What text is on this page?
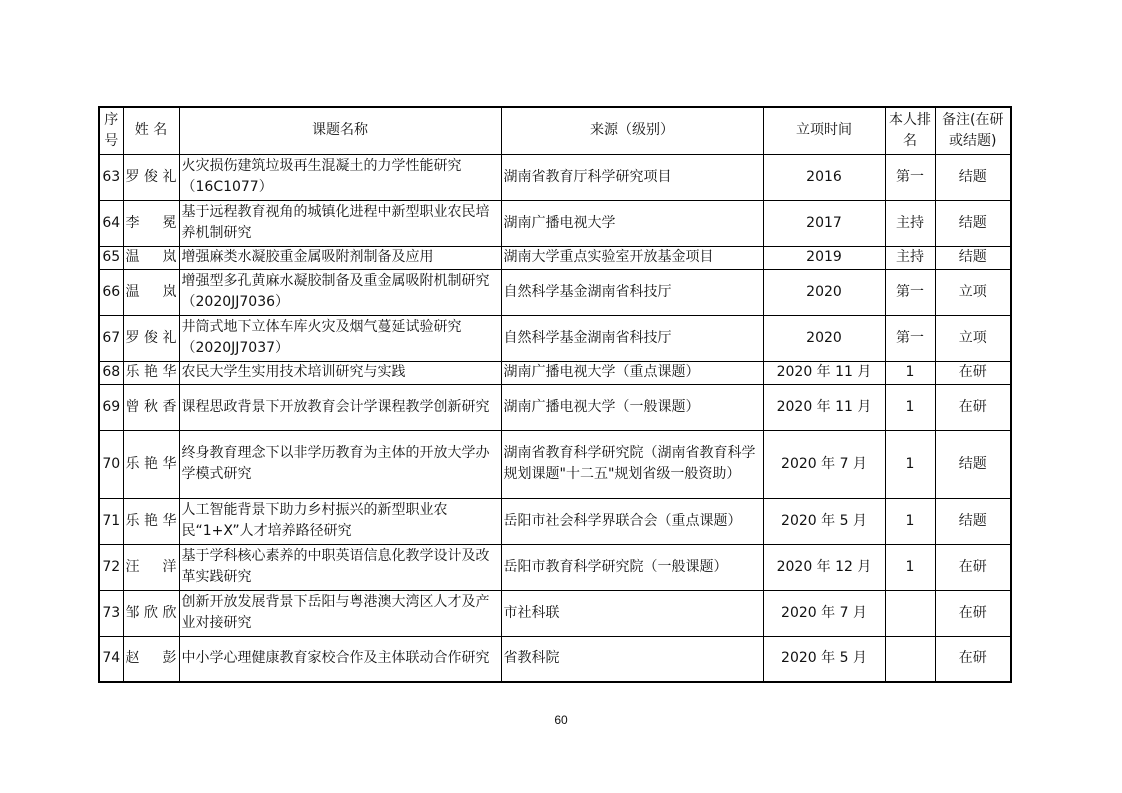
序号	姓 名	课题名称	来源（级别）	立项时间	本人排名	备注(在研或结题)
63	罗俊礼	火灾损伤建筑垃圾再生混凝土的力学性能研究（16C1077）	湖南省教育厅科学研究项目	2016	第一	结题
64	李 冕	基于远程教育视角的城镇化进程中新型职业农民培养机制研究	湖南广播电视大学	2017	主持	结题
65	温 岚	增强麻类水凝胶重金属吸附剂制备及应用	湖南大学重点实验室开放基金项目	2019	主持	结题
66	温 岚	增强型多孔黄麻水凝胶制备及重金属吸附机制研究（2020JJ7036）	自然科学基金湖南省科技厅	2020	第一	立项
67	罗俊礼	井筒式地下立体车库火灾及烟气蔓延试验研究（2020JJ7037）	自然科学基金湖南省科技厅	2020	第一	立项
68	乐艳华	农民大学生实用技术培训研究与实践	湖南广播电视大学（重点课题）	2020 年 11 月	1	在研
69	曾秋香	课程思政背景下开放教育会计学课程教学创新研究	湖南广播电视大学（一般课题）	2020 年 11 月	1	在研
70	乐艳华	终身教育理念下以非学历教育为主体的开放大学办学模式研究	湖南省教育科学研究院（湖南省教育科学规划课题"十二五"规划省级一般资助）	2020 年 7 月	1	结题
71	乐艳华	人工智能背景下助力乡村振兴的新型职业农民“1+X”人才培养路径研究	岳阳市社会科学界联合会（重点课题）	2020 年 5 月	1	结题
72	汪 洋	基于学科核心素养的中职英语信息化教学设计及改革实践研究	岳阳市教育科学研究院（一般课题）	2020 年 12 月	1	在研
73	邹欣欣	创新开放发展背景下岳阳与粤港澳大湾区人才及产业对接研究	市社科联	2020 年 7 月		在研
74	赵 彭	中小学心理健康教育家校合作及主体联动合作研究	省教科院	2020 年 5 月		在研
60
